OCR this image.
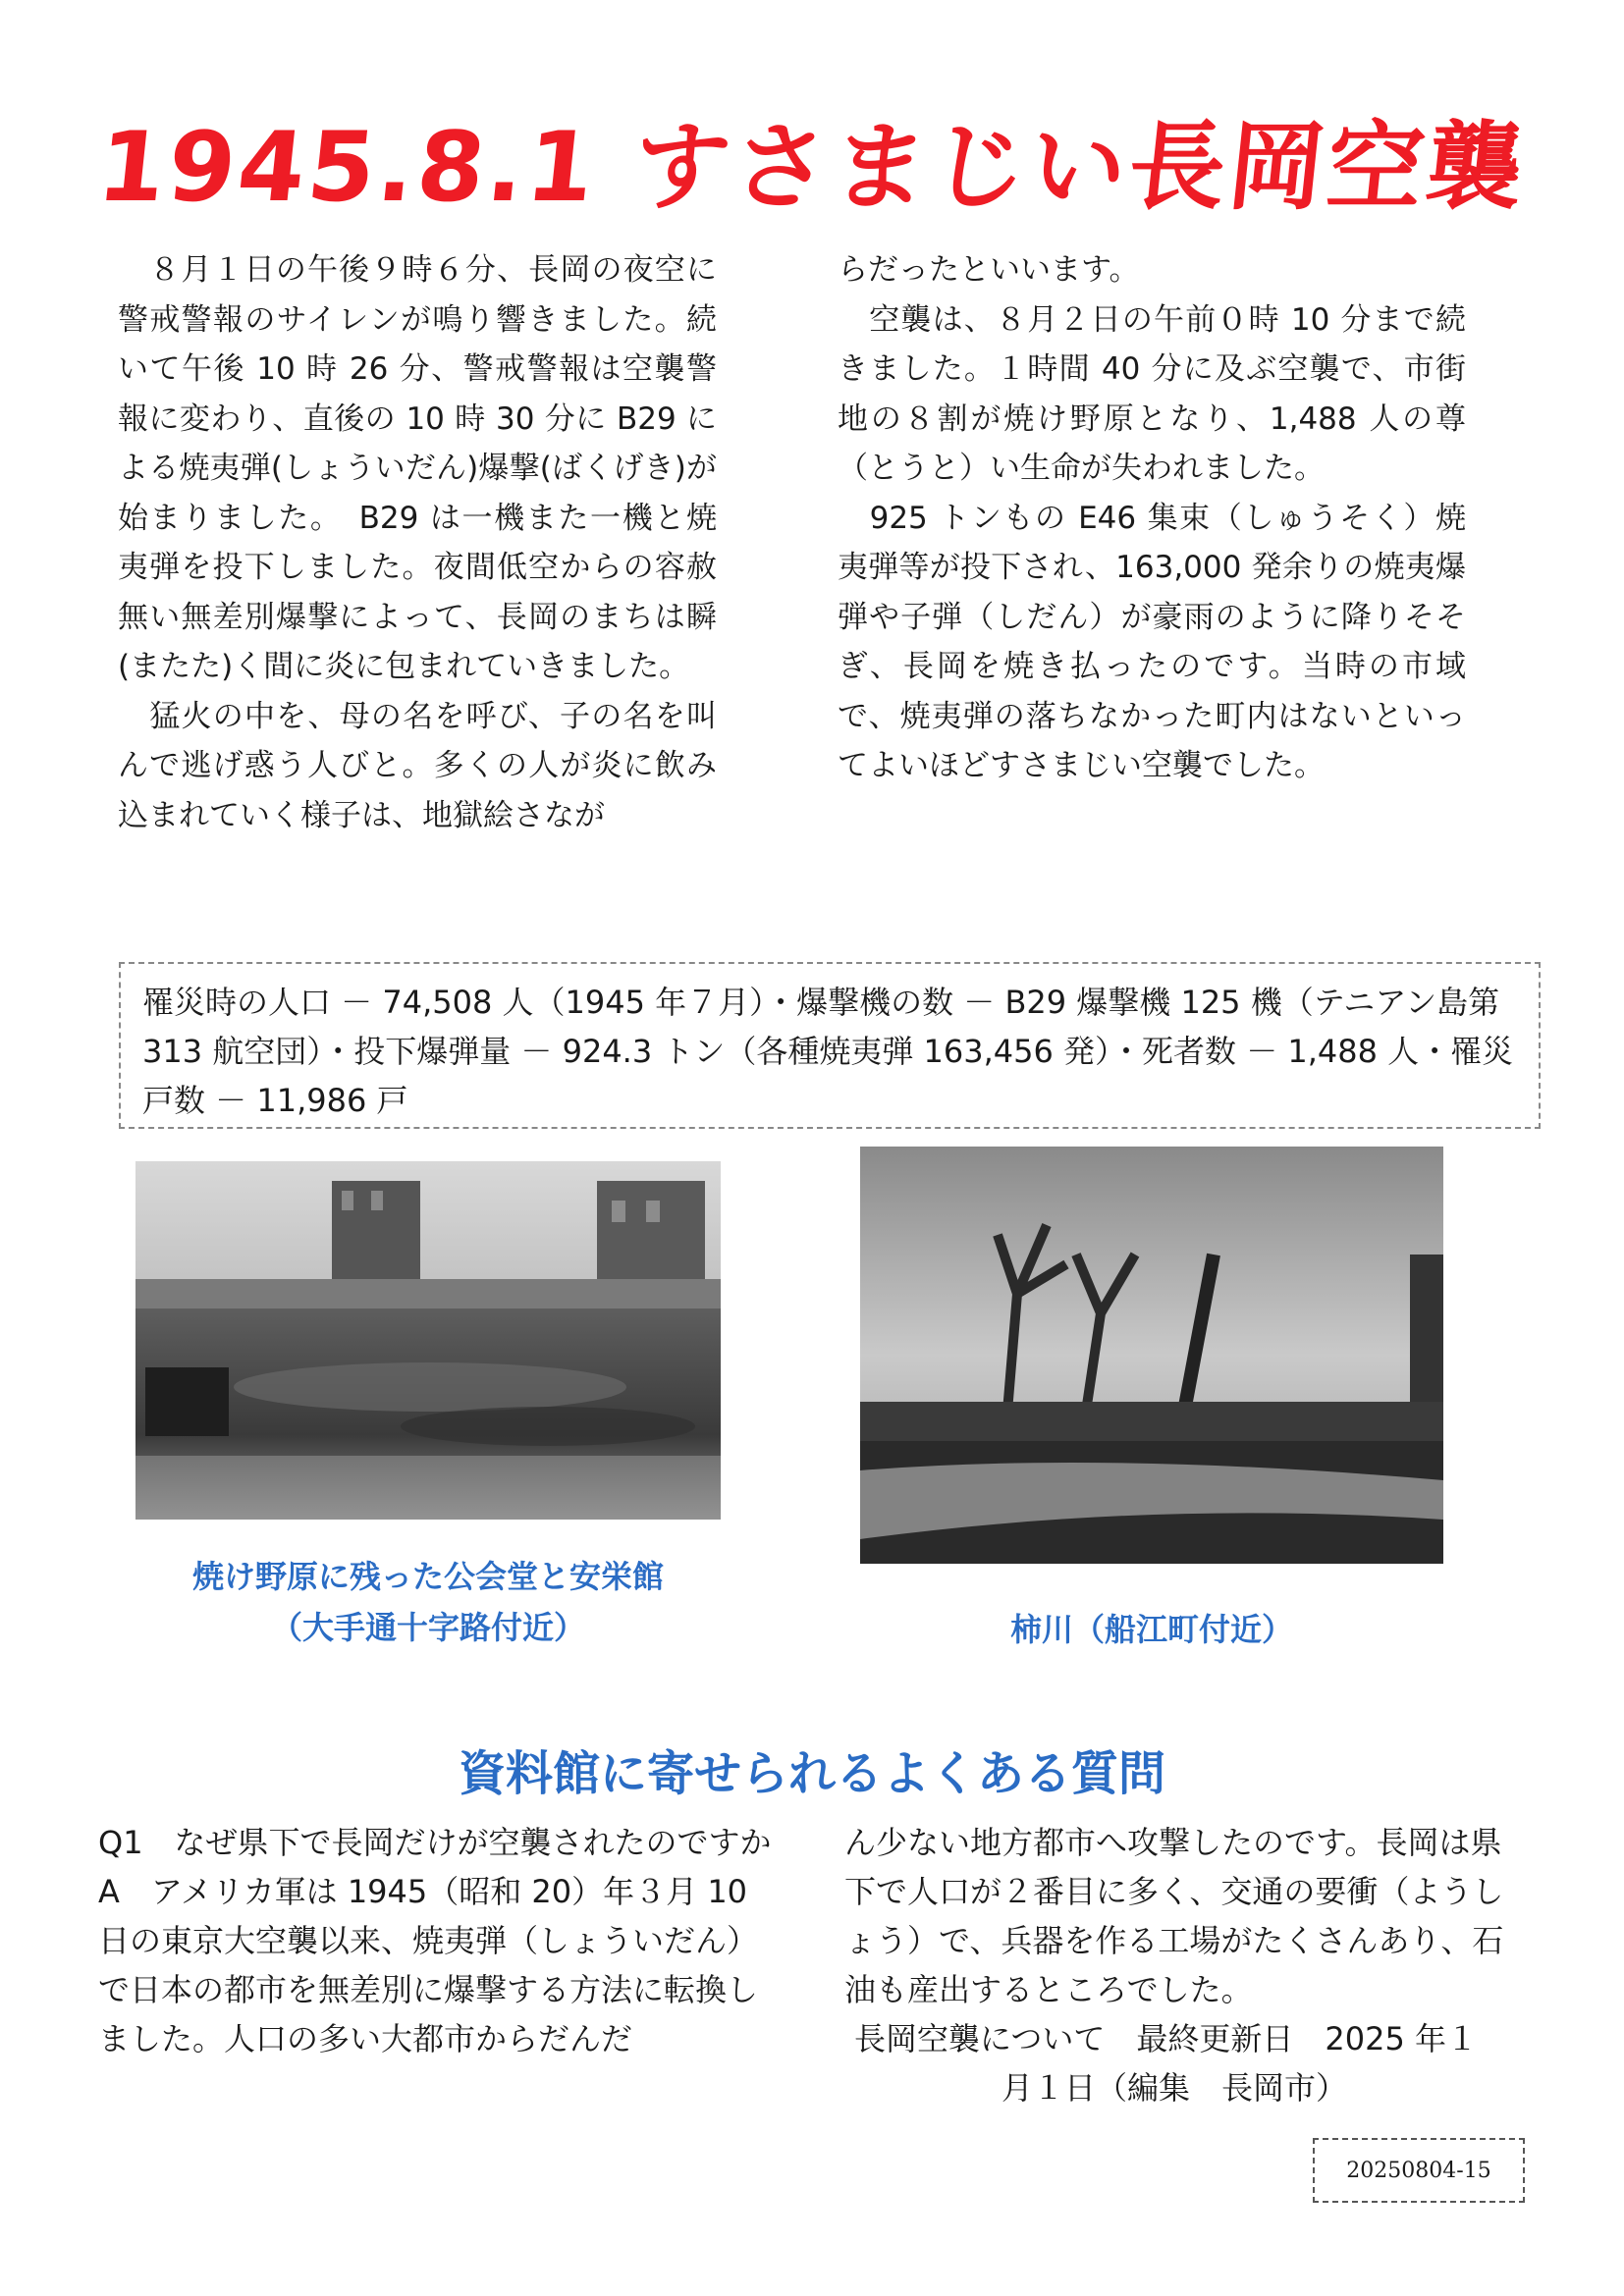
1945.8.1 すさまじい長岡空襲

　８月１日の午後９時６分、長岡の夜空に警戒警報のサイレンが鳴り響きました。続いて午後 10 時 26 分、警戒警報は空襲警報に変わり、直後の 10 時 30 分に B29 による焼夷弾(しょういだん)爆撃(ばくげき)が始まりました。　B29 は一機また一機と焼夷弾を投下しました。夜間低空からの容赦無い無差別爆撃によって、長岡のまちは瞬(またた)く間に炎に包まれていきました。

　猛火の中を、母の名を呼び、子の名を叫んで逃げ惑う人びと。多くの人が炎に飲み込まれていく様子は、地獄絵さなが

らだったといいます。

　空襲は、８月２日の午前０時 10 分まで続きました。１時間 40 分に及ぶ空襲で、市街地の８割が焼け野原となり、1,488 人の尊（とうと）い生命が失われました。

　925 トンもの E46 集束（しゅうそく）焼夷弾等が投下され、163,000 発余りの焼夷爆弾や子弾（しだん）が豪雨のように降りそそぎ、長岡を焼き払ったのです。当時の市域で、焼夷弾の落ちなかった町内はないといってよいほどすさまじい空襲でした。

罹災時の人口 － 74,508 人（1945 年７月）・爆撃機の数 － B29 爆撃機 125 機（テニアン島第 313 航空団）・投下爆弾量 － 924.3 トン（各種焼夷弾 163,456 発）・死者数 － 1,488 人・罹災戸数 － 11,986 戸
焼け野原に残った公会堂と安栄館
（大手通十字路付近）	柿川（船江町付近）
資料館に寄せられるよくある質問

Q1　なぜ県下で長岡だけが空襲されたのですか

A　アメリカ軍は 1945（昭和 20）年３月 10 日の東京大空襲以来、焼夷弾（しょういだん）で日本の都市を無差別に爆撃する方法に転換しました。人口の多い大都市からだんだ

ん少ない地方都市へ攻撃したのです。長岡は県下で人口が２番目に多く、交通の要衝（ようしょう）で、兵器を作る工場がたくさんあり、石油も産出するところでした。

長岡空襲について　最終更新日　2025 年１

月１日（編集　長岡市）

20250804-15
